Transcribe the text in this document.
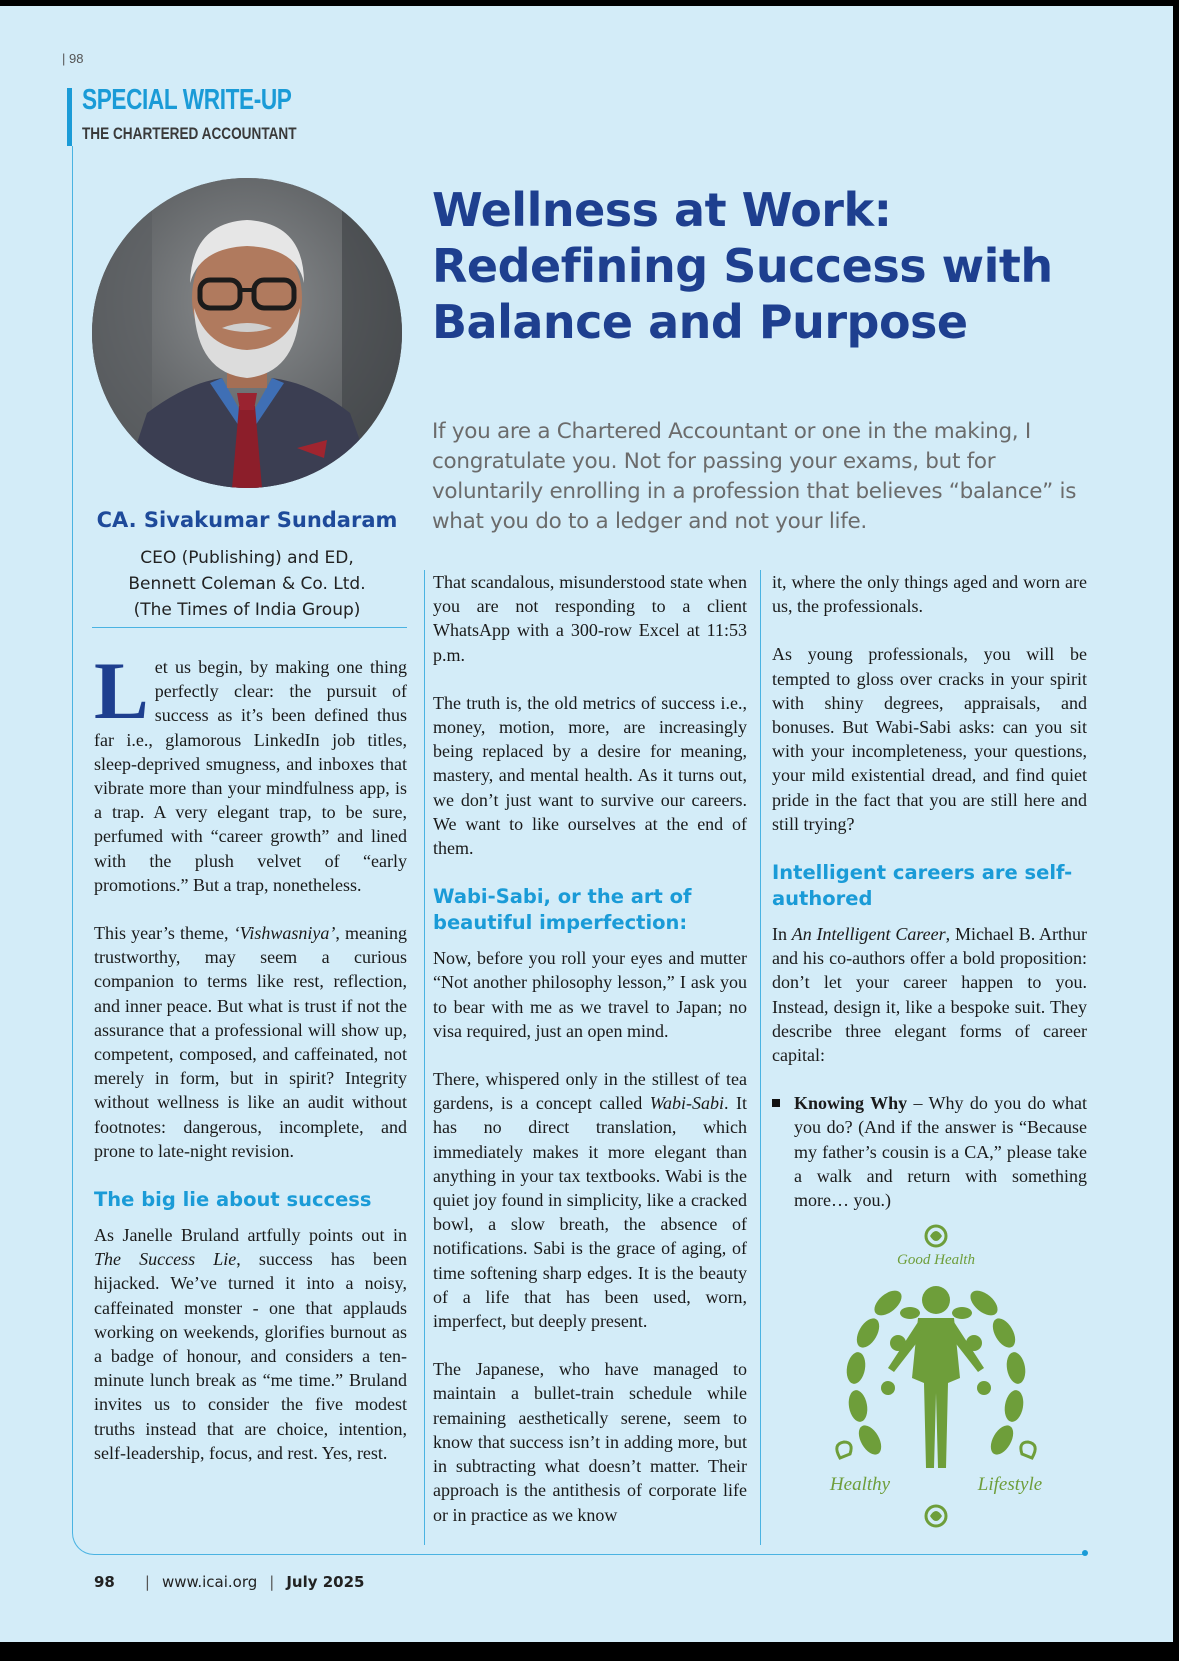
| 98
SPECIAL WRITE-UP
THE CHARTERED ACCOUNTANT
CA. Sivakumar Sundaram
CEO (Publishing) and ED,
Bennett Coleman & Co. Ltd.
(The Times of India Group)
Wellness at Work: Redefining Success with Balance and Purpose
If you are a Chartered Accountant or one in the making, I congratulate you. Not for passing your exams, but for voluntarily enrolling in a profession that believes “balance” is what you do to a ledger and not your life.

Let us begin, by making one thing perfectly clear: the pursuit of success as it’s been defined thus far i.e., glamorous LinkedIn job titles, sleep-deprived smugness, and inboxes that vibrate more than your mindfulness app, is a trap. A very elegant trap, to be sure, perfumed with “career growth” and lined with the plush velvet of “early promotions.” But a trap, nonetheless.

This year’s theme, ‘Vishwasniya’, meaning trustworthy, may seem a curious companion to terms like rest, reflection, and inner peace. But what is trust if not the assurance that a professional will show up, competent, composed, and caffeinated, not merely in form, but in spirit? Integrity without wellness is like an audit without footnotes: dangerous, incomplete, and prone to late-night revision.

The big lie about success

As Janelle Bruland artfully points out in The Success Lie, success has been hijacked. We’ve turned it into a noisy, caffeinated monster - one that applauds working on weekends, glorifies burnout as a badge of honour, and considers a ten-minute lunch break as “me time.” Bruland invites us to consider the five modest truths instead that are choice, intention, self-leadership, focus, and rest. Yes, rest.

That scandalous, misunderstood state when you are not responding to a client WhatsApp with a 300-row Excel at 11:53 p.m.

The truth is, the old metrics of success i.e., money, motion, more, are increasingly being replaced by a desire for meaning, mastery, and mental health. As it turns out, we don’t just want to survive our careers. We want to like ourselves at the end of them.

Wabi-Sabi, or the art of beautiful imperfection:

Now, before you roll your eyes and mutter “Not another philosophy lesson,” I ask you to bear with me as we travel to Japan; no visa required, just an open mind.

There, whispered only in the stillest of tea gardens, is a concept called Wabi-Sabi. It has no direct translation, which immediately makes it more elegant than anything in your tax textbooks. Wabi is the quiet joy found in simplicity, like a cracked bowl, a slow breath, the absence of notifications. Sabi is the grace of aging, of time softening sharp edges. It is the beauty of a life that has been used, worn, imperfect, but deeply present.

The Japanese, who have managed to maintain a bullet-train schedule while remaining aesthetically serene, seem to know that success isn’t in adding more, but in subtracting what doesn’t matter. Their approach is the antithesis of corporate life or in practice as we know

it, where the only things aged and worn are us, the professionals.

As young professionals, you will be tempted to gloss over cracks in your spirit with shiny degrees, appraisals, and bonuses. But Wabi-Sabi asks: can you sit with your incompleteness, your questions, your mild existential dread, and find quiet pride in the fact that you are still here and still trying?

Intelligent careers are self-authored

In An Intelligent Career, Michael B. Arthur and his co-authors offer a bold proposition: don’t let your career happen to you. Instead, design it, like a bespoke suit. They describe three elegant forms of career capital:

Knowing Why – Why do you do what you do? (And if the answer is “Because my father’s cousin is a CA,” please take a walk and return with something more… you.)
Good Health
Healthy	Lifestyle
98 | www.icai.org | July 2025
